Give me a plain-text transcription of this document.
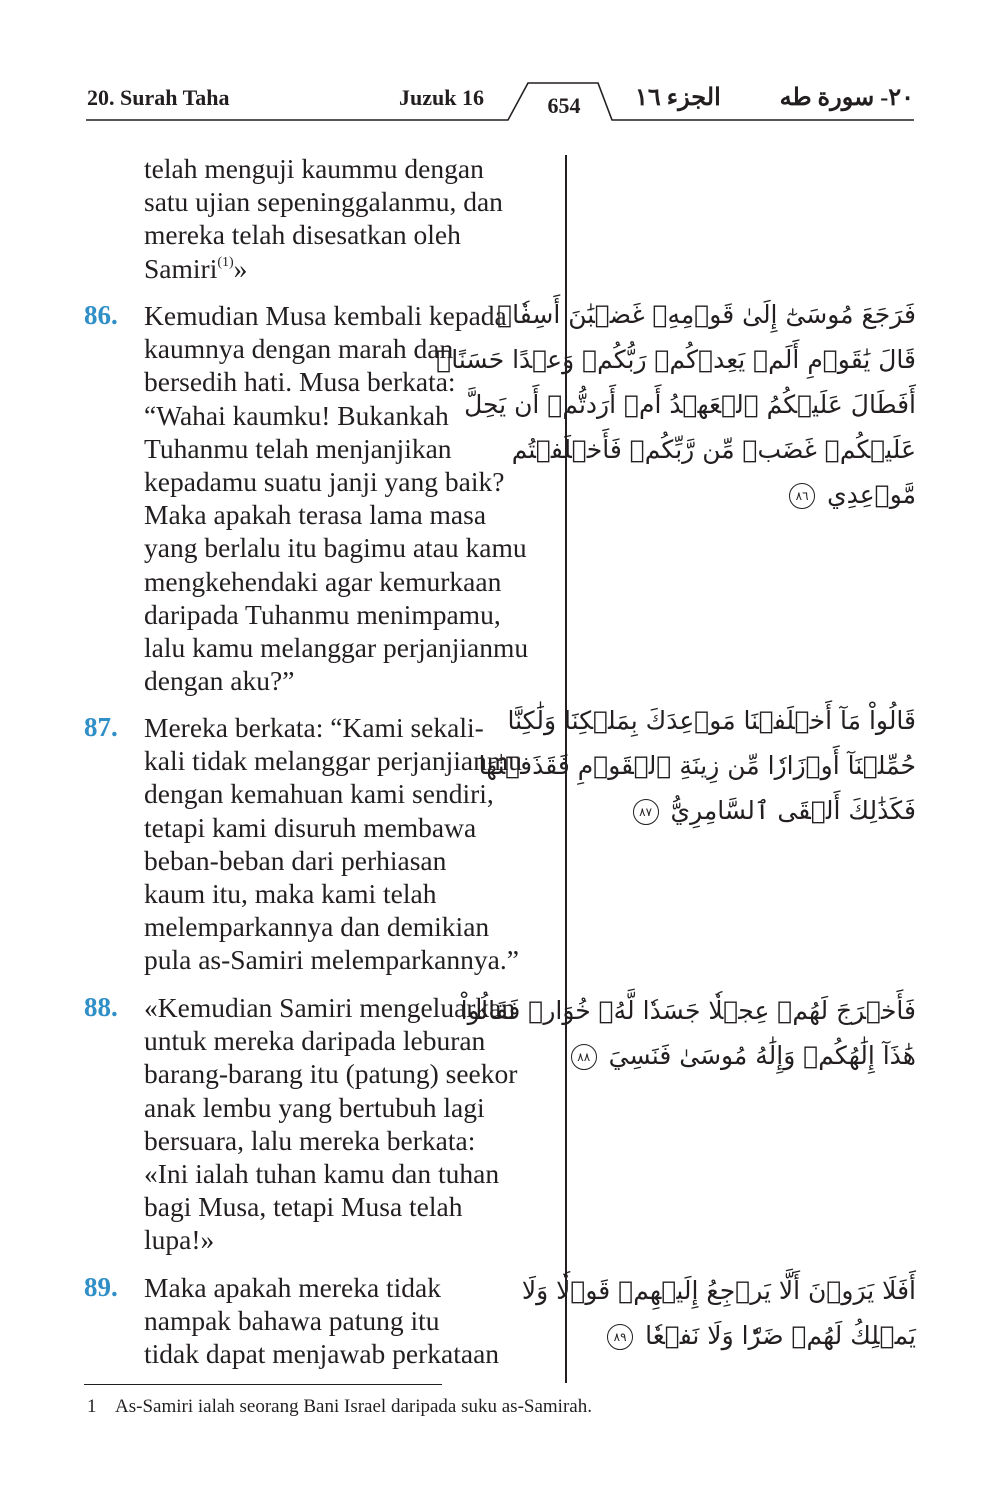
20. Surah Taha	Juzuk 16	654	الجزء ١٦ ٢٠- سورة طه
telah menguji kaummu dengan
satu ujian sepeninggalanmu, dan
mereka telah disesatkan oleh
Samiri$^{(1)}$»
86. Kemudian Musa kembali kepada
kaumnya dengan marah dan
bersedih hati. Musa berkata:
“Wahai kaumku! Bukankah
Tuhanmu telah menjanjikan
kepadamu suatu janji yang baik?
Maka apakah terasa lama masa
yang berlalu itu bagimu atau kamu
mengkehendaki agar kemurkaan
daripada Tuhanmu menimpamu,
lalu kamu melanggar perjanjianmu
dengan aku?”
87. Mereka berkata: “Kami sekali-
kali tidak melanggar perjanjianmu
dengan kemahuan kami sendiri,
tetapi kami disuruh membawa
beban-beban dari perhiasan
kaum itu, maka kami telah
melemparkannya dan demikian
pula as-Samiri melemparkannya.”
88. «Kemudian Samiri mengeluarkan
untuk mereka daripada leburan
barang-barang itu (patung) seekor
anak lembu yang bertubuh lagi
bersuara, lalu mereka berkata:
«Ini ialah tuhan kamu dan tuhan
bagi Musa, tetapi Musa telah
lupa!»
89. Maka apakah mereka tidak
nampak bahawa patung itu
tidak dapat menjawab perkataan
فَرَجَعَ مُوسَىٰٓ إِلَىٰ قَوۡمِهِۦ غَضۡبَٰنَ أَسِفٗاۚ
قَالَ يَٰقَوۡمِ أَلَمۡ يَعِدۡكُمۡ رَبُّكُمۡ وَعۡدًا حَسَنًاۚ
أَفَطَالَ عَلَيۡكُمُ ٱلۡعَهۡدُ أَمۡ أَرَدتُّمۡ أَن يَحِلَّ
عَلَيۡكُمۡ غَضَبٞ مِّن رَّبِّكُمۡ فَأَخۡلَفۡتُم
مَّوۡعِدِي ٨٦
قَالُواْ مَآ أَخۡلَفۡنَا مَوۡعِدَكَ بِمَلۡكِنَا وَلَٰكِنَّا
حُمِّلۡنَآ أَوۡزَارٗا مِّن زِينَةِ ٱلۡقَوۡمِ فَقَذَفۡنَٰهَا
فَكَذَٰلِكَ أَلۡقَى ٱلسَّامِرِيُّ ٨٧
فَأَخۡرَجَ لَهُمۡ عِجۡلٗا جَسَدٗا لَّهُۥ خُوَارٞ فَقَالُواْ
هَٰذَآ إِلَٰهُكُمۡ وَإِلَٰهُ مُوسَىٰ فَنَسِيَ ٨٨
أَفَلَا يَرَوۡنَ أَلَّا يَرۡجِعُ إِلَيۡهِمۡ قَوۡلٗا وَلَا
يَمۡلِكُ لَهُمۡ ضَرّٗا وَلَا نَفۡعٗا ٨٩
1 As-Samiri ialah seorang Bani Israel daripada suku as-Samirah.
